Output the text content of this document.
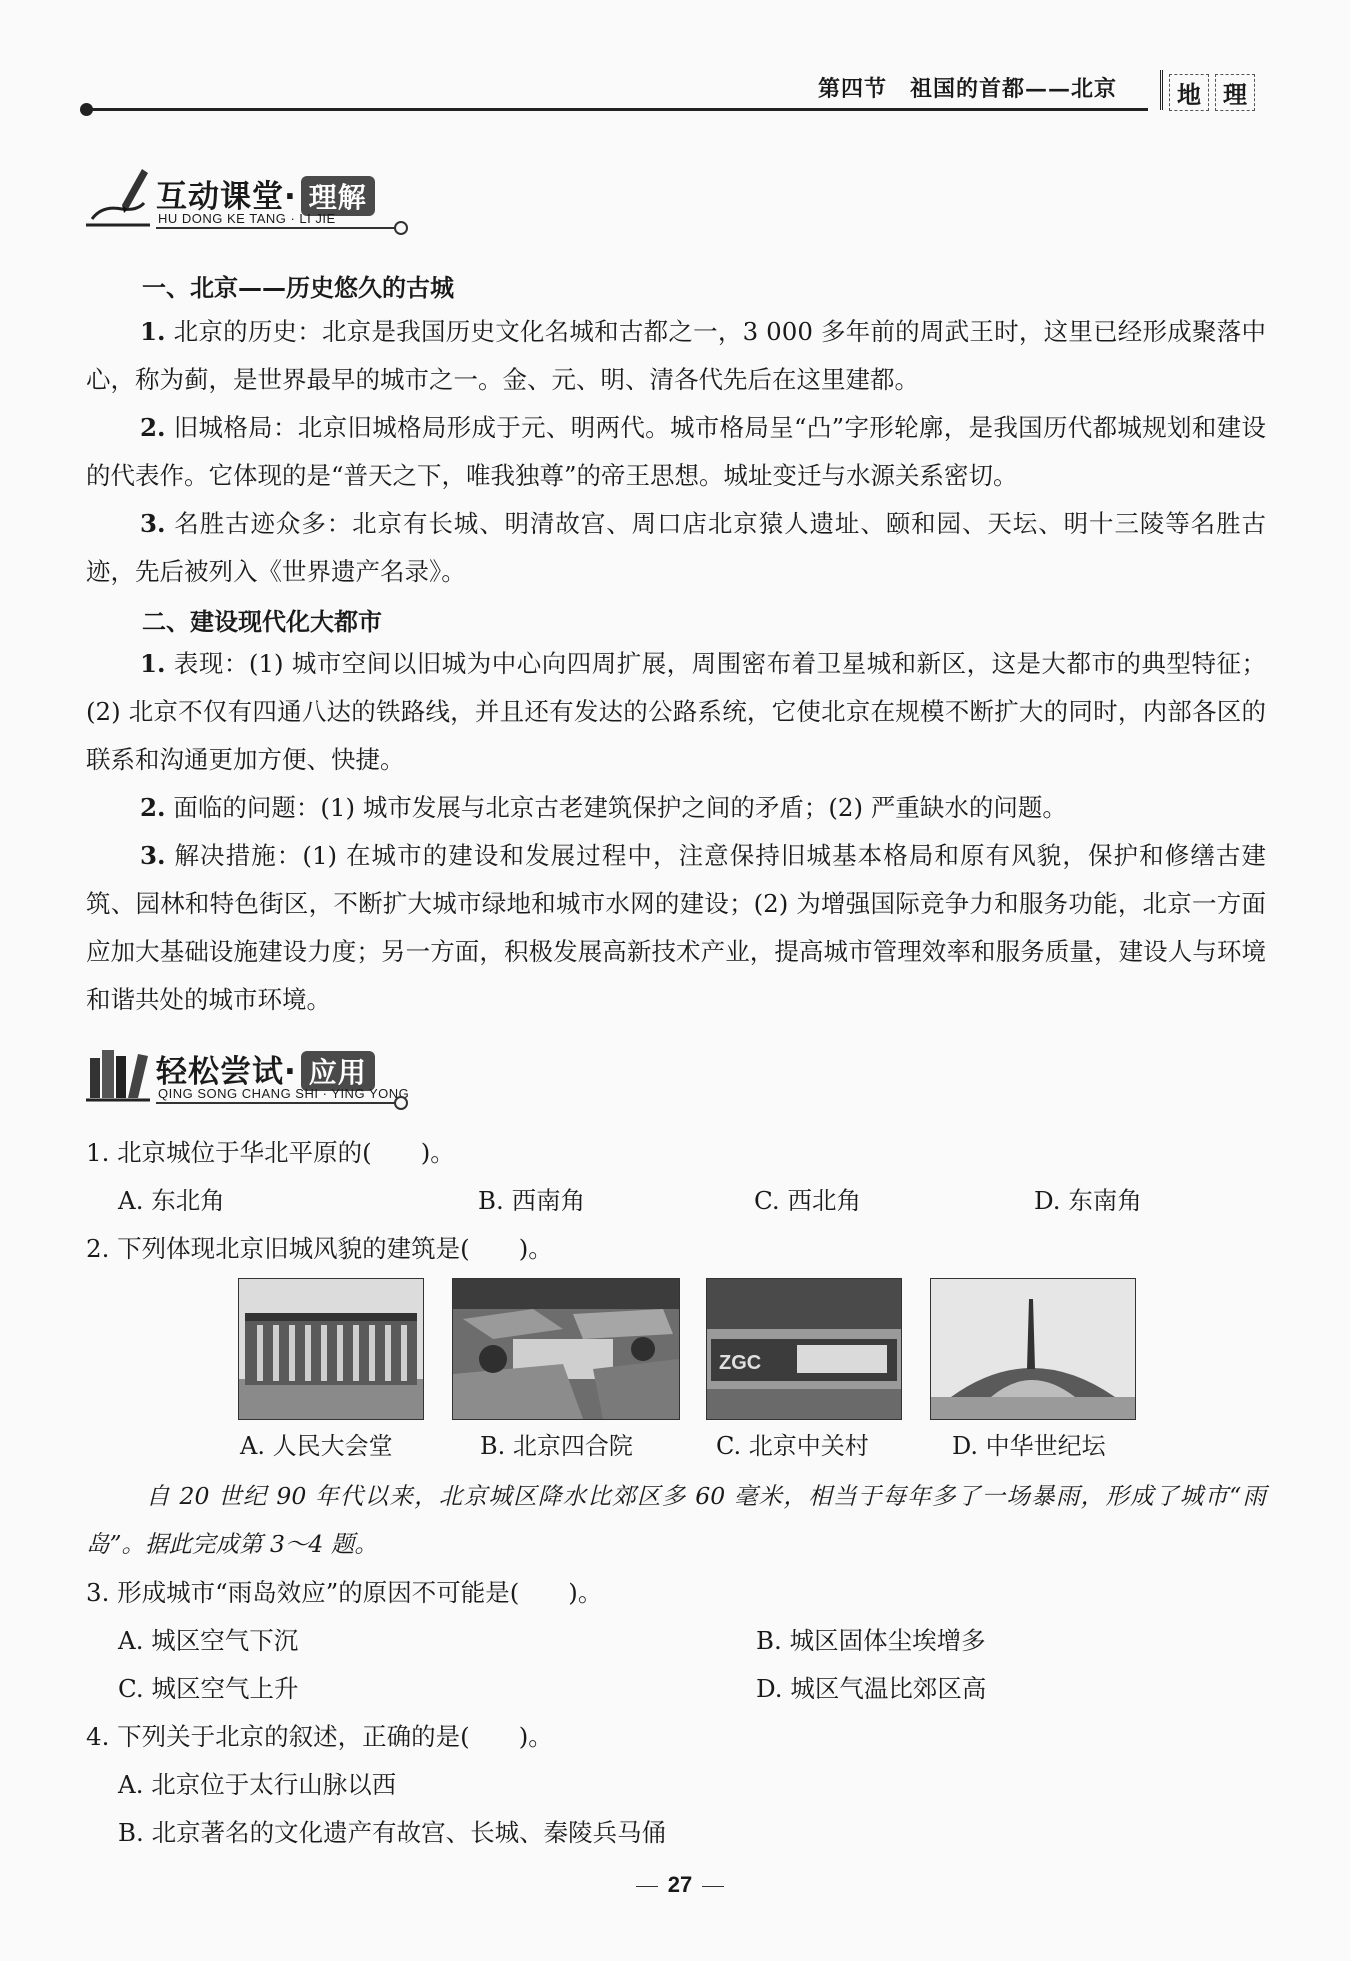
第四节　祖国的首都——北京	地 理
互动课堂· 理解
HU DONG KE TANG · LI JIE
一、北京——历史悠久的古城
1. 北京的历史：北京是我国历史文化名城和古都之一，3 000 多年前的周武王时，这里已经形成聚落中心，称为蓟，是世界最早的城市之一。金、元、明、清各代先后在这里建都。
2. 旧城格局：北京旧城格局形成于元、明两代。城市格局呈“凸”字形轮廓，是我国历代都城规划和建设的代表作。它体现的是“普天之下，唯我独尊”的帝王思想。城址变迁与水源关系密切。
3. 名胜古迹众多：北京有长城、明清故宫、周口店北京猿人遗址、颐和园、天坛、明十三陵等名胜古迹，先后被列入《世界遗产名录》。
二、建设现代化大都市
1. 表现：(1) 城市空间以旧城为中心向四周扩展，周围密布着卫星城和新区，这是大都市的典型特征；(2) 北京不仅有四通八达的铁路线，并且还有发达的公路系统，它使北京在规模不断扩大的同时，内部各区的联系和沟通更加方便、快捷。
2. 面临的问题：(1) 城市发展与北京古老建筑保护之间的矛盾；(2) 严重缺水的问题。
3. 解决措施：(1) 在城市的建设和发展过程中，注意保持旧城基本格局和原有风貌，保护和修缮古建筑、园林和特色街区，不断扩大城市绿地和城市水网的建设；(2) 为增强国际竞争力和服务功能，北京一方面应加大基础设施建设力度；另一方面，积极发展高新技术产业，提高城市管理效率和服务质量，建设人与环境和谐共处的城市环境。
轻松尝试· 应用
QING SONG CHANG SHI · YING YONG
1. 北京城位于华北平原的(　　)。
A. 东北角	B. 西南角	C. 西北角	D. 东南角
2. 下列体现北京旧城风貌的建筑是(　　)。
ZGC
A. 人民大会堂	B. 北京四合院	C. 北京中关村	D. 中华世纪坛
自 20 世纪 90 年代以来，北京城区降水比郊区多 60 毫米，相当于每年多了一场暴雨，形成了城市“雨岛”。据此完成第 3～4 题。
3. 形成城市“雨岛效应”的原因不可能是(　　)。
A. 城区空气下沉	B. 城区固体尘埃增多
C. 城区空气上升	D. 城区气温比郊区高
4. 下列关于北京的叙述，正确的是(　　)。
A. 北京位于太行山脉以西
B. 北京著名的文化遗产有故宫、长城、秦陵兵马俑
27
